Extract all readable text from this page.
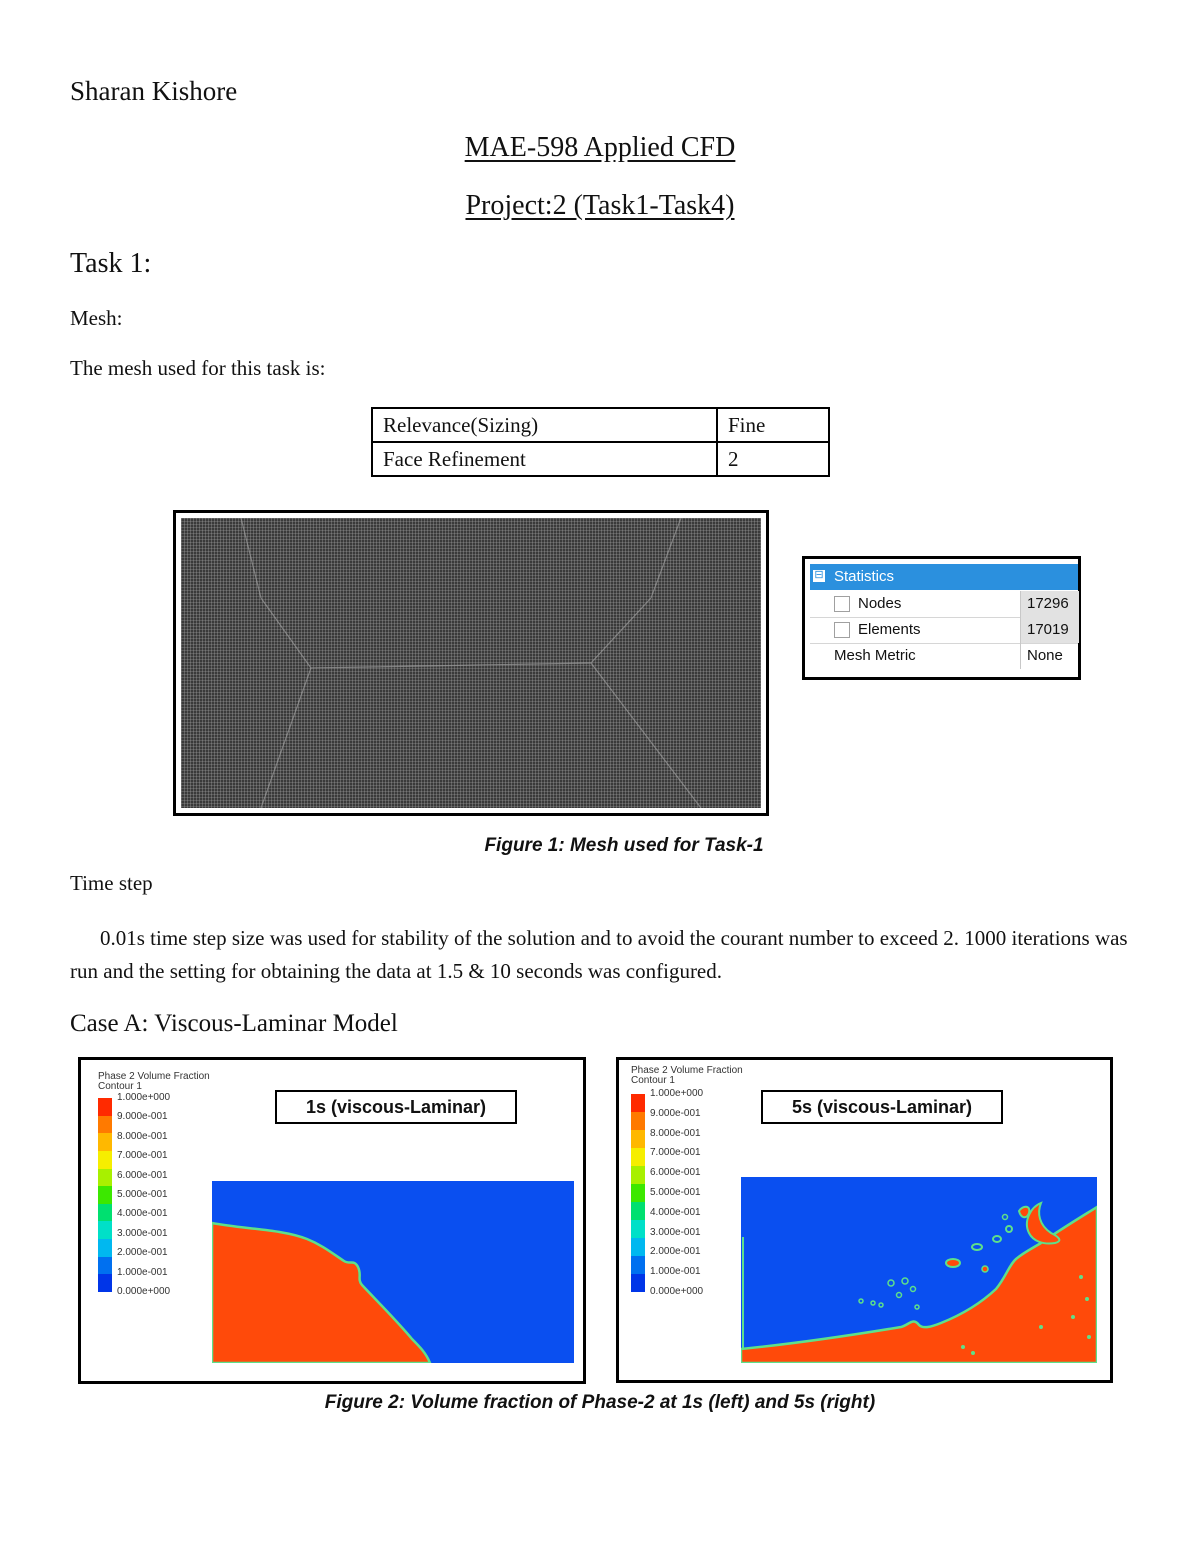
Sharan Kishore
MAE-598 Applied CFD
Project:2 (Task1-Task4)
Task 1:
Mesh:
The mesh used for this task is:
Relevance(Sizing)	Fine
Face Refinement	2
⊟ Statistics
Nodes	17296
Elements	17019
Mesh Metric	None
Figure 1: Mesh used for Task-1
Time step
0.01s time step size was used for stability of the solution and to avoid the courant number to exceed 2. 1000 iterations was run and the setting for obtaining the data at 1.5 & 10 seconds was configured.
Case A: Viscous-Laminar Model
Phase 2 Volume Fraction
Contour 1
1.000e+000
9.000e-001
8.000e-001
7.000e-001
6.000e-001
5.000e-001
4.000e-001
3.000e-001
2.000e-001
1.000e-001
0.000e+000
1s (viscous-Laminar)
Phase 2 Volume Fraction
Contour 1
1.000e+000
9.000e-001
8.000e-001
7.000e-001
6.000e-001
5.000e-001
4.000e-001
3.000e-001
2.000e-001
1.000e-001
0.000e+000
5s (viscous-Laminar)
Figure 2: Volume fraction of Phase-2 at 1s (left) and 5s (right)
